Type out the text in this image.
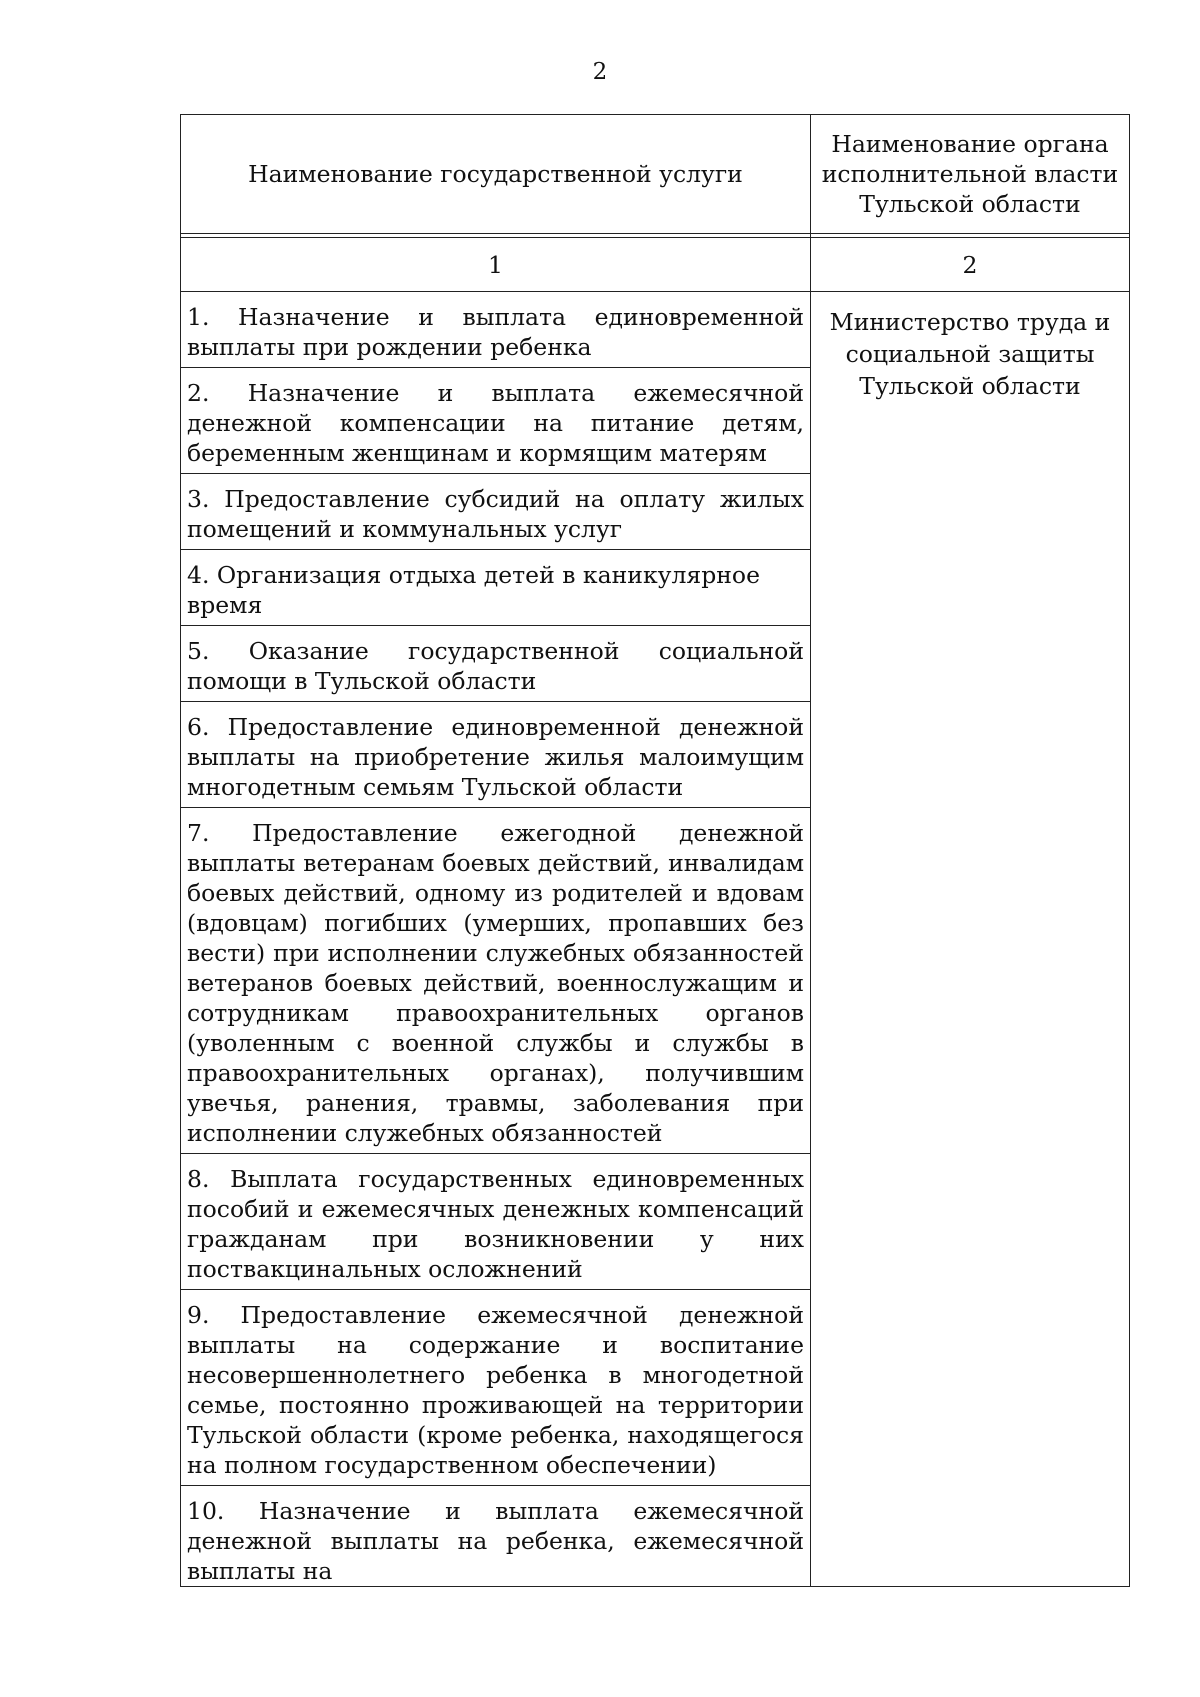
2
Наименование государственной услуги	Наименование органа исполнительной власти Тульской области

1	2
1. Назначение и выплата единовременной выплаты при рождении ребенка	Министерство труда и социальной защиты Тульской области
2. Назначение и выплата ежемесячной денежной компенсации на питание детям, беременным женщинам и кормящим матерям	
3. Предоставление субсидий на оплату жилых помещений и коммунальных услуг	
4. Организация отдыха детей в каникулярное время	
5. Оказание государственной социальной помощи в Тульской области	
6. Предоставление единовременной денежной выплаты на приобретение жилья малоимущим многодетным семьям Тульской области	
7. Предоставление ежегодной денежной выплаты ветеранам боевых действий, инвалидам боевых действий, одному из родителей и вдовам (вдовцам) погибших (умерших, пропавших без вести) при исполнении служебных обязанностей ветеранов боевых действий, военнослужащим и сотрудникам правоохранительных органов (уволенным с военной службы и службы в правоохранительных органах), получившим увечья, ранения, травмы, заболевания при исполнении служебных обязанностей	
8. Выплата государственных единовременных пособий и ежемесячных денежных компенсаций гражданам при возникновении у них поствакцинальных осложнений	
9. Предоставление ежемесячной денежной выплаты на содержание и воспитание несовершеннолетнего ребенка в многодетной семье, постоянно проживающей на территории Тульской области (кроме ребенка, находящегося на полном государственном обеспечении)	
10. Назначение и выплата ежемесячной денежной выплаты на ребенка, ежемесячной выплаты на	
